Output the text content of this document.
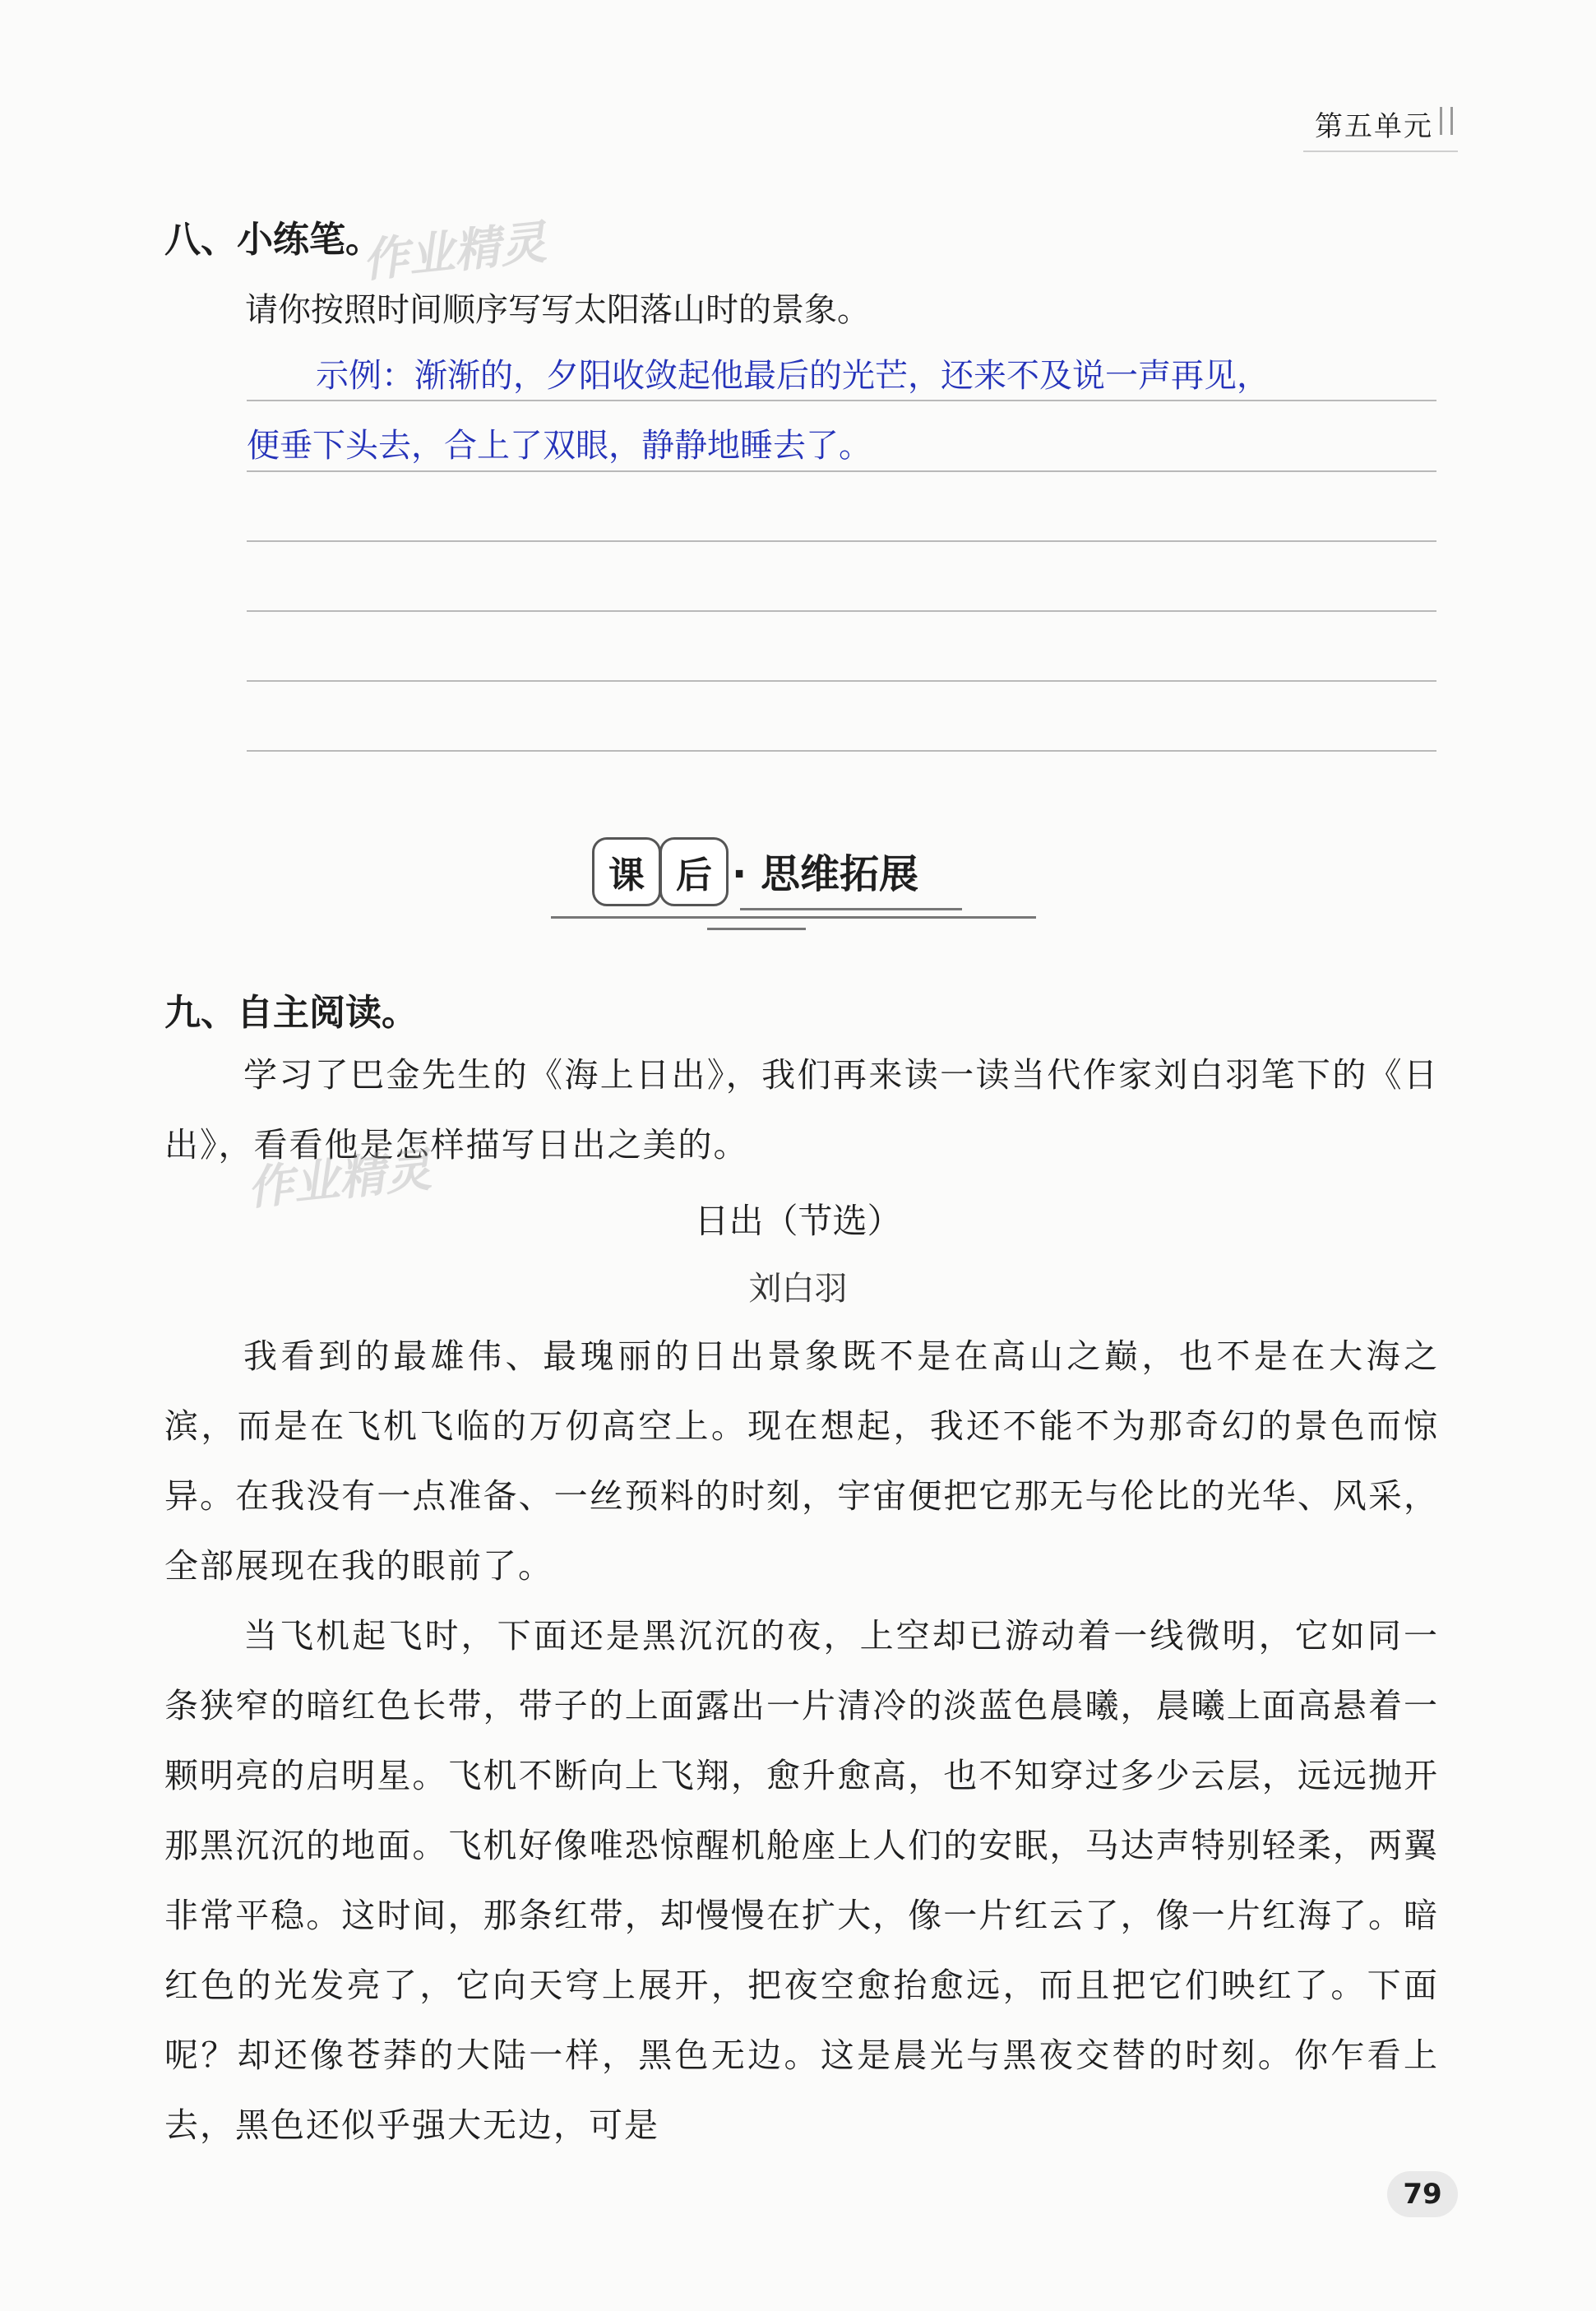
第五单元
八、小练笔。
作业精灵
请你按照时间顺序写写太阳落山时的景象。
示例：渐渐的，夕阳收敛起他最后的光芒，还来不及说一声再见，
便垂下头去，合上了双眼，静静地睡去了。
课 后 · 思维拓展
九、自主阅读。
学习了巴金先生的《海上日出》，我们再来读一读当代作家刘白羽笔下的《日出》，看看他是怎样描写日出之美的。
作业精灵
日出（节选）
刘白羽
我看到的最雄伟、最瑰丽的日出景象既不是在高山之巅，也不是在大海之滨，而是在飞机飞临的万仞高空上。现在想起，我还不能不为那奇幻的景色而惊异。在我没有一点准备、一丝预料的时刻，宇宙便把它那无与伦比的光华、风采，全部展现在我的眼前了。
当飞机起飞时，下面还是黑沉沉的夜，上空却已游动着一线微明，它如同一条狭窄的暗红色长带，带子的上面露出一片清冷的淡蓝色晨曦，晨曦上面高悬着一颗明亮的启明星。飞机不断向上飞翔，愈升愈高，也不知穿过多少云层，远远抛开那黑沉沉的地面。飞机好像唯恐惊醒机舱座上人们的安眠，马达声特别轻柔，两翼非常平稳。这时间，那条红带，却慢慢在扩大，像一片红云了，像一片红海了。暗红色的光发亮了，它向天穹上展开，把夜空愈抬愈远，而且把它们映红了。下面呢？却还像苍莽的大陆一样，黑色无边。这是晨光与黑夜交替的时刻。你乍看上去，黑色还似乎强大无边，可是
79
